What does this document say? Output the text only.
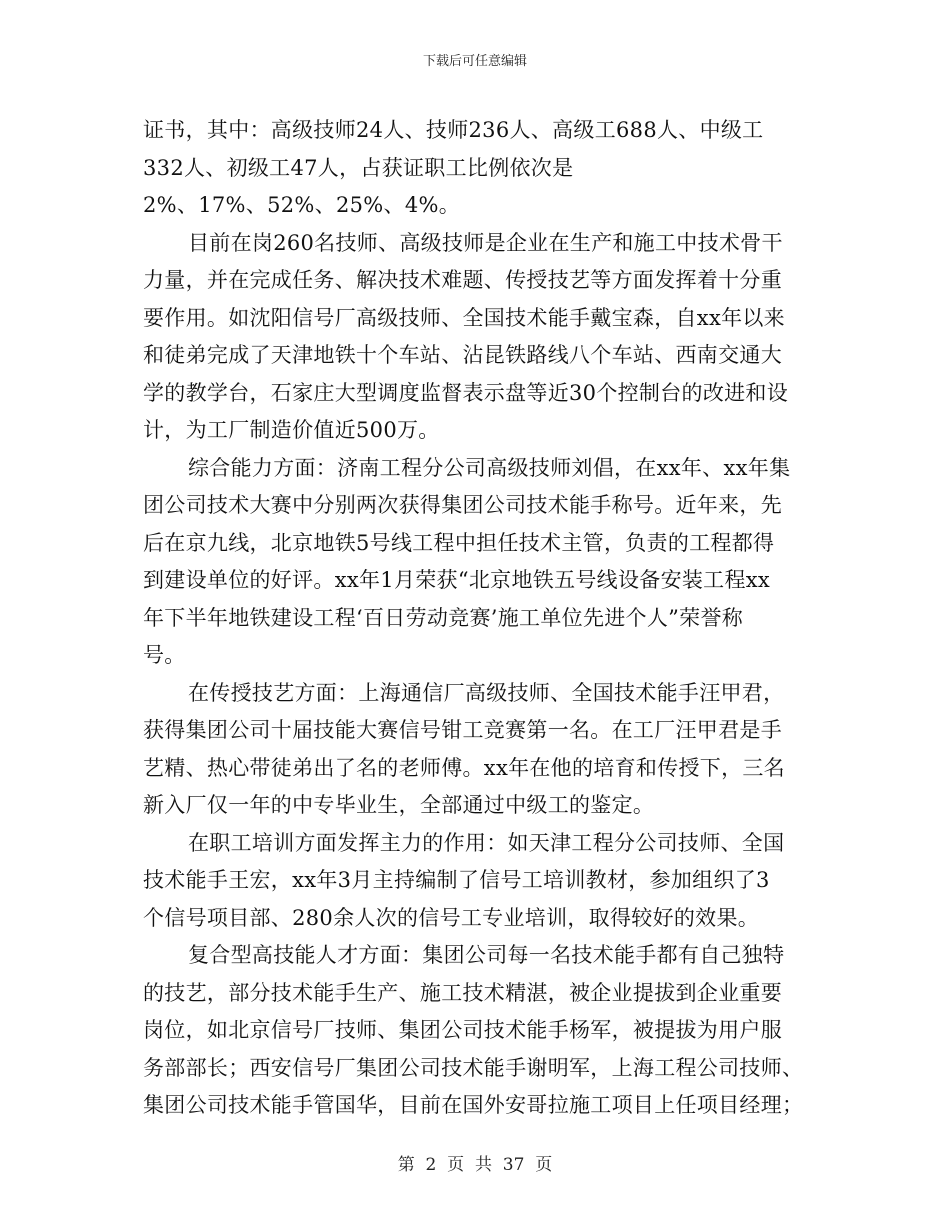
下载后可任意编辑
证书，其中：高级技师24人、技师236人、高级工688人、中级工
332人、初级工47人，占获证职工比例依次是
2%、17%、52%、25%、4%。
目前在岗260名技师、高级技师是企业在生产和施工中技术骨干
力量，并在完成任务、解决技术难题、传授技艺等方面发挥着十分重
要作用。如沈阳信号厂高级技师、全国技术能手戴宝森，自xx年以来
和徒弟完成了天津地铁十个车站、沾昆铁路线八个车站、西南交通大
学的教学台，石家庄大型调度监督表示盘等近30个控制台的改进和设
计，为工厂制造价值近500万。
综合能力方面：济南工程分公司高级技师刘倡，在xx年、xx年集
团公司技术大赛中分别两次获得集团公司技术能手称号。近年来，先
后在京九线，北京地铁5号线工程中担任技术主管，负责的工程都得
到建设单位的好评。xx年1月荣获“北京地铁五号线设备安装工程xx
年下半年地铁建设工程‘百日劳动竞赛’施工单位先进个人”荣誉称
号。
在传授技艺方面：上海通信厂高级技师、全国技术能手汪甲君，
获得集团公司十届技能大赛信号钳工竞赛第一名。在工厂汪甲君是手
艺精、热心带徒弟出了名的老师傅。xx年在他的培育和传授下，三名
新入厂仅一年的中专毕业生，全部通过中级工的鉴定。
在职工培训方面发挥主力的作用：如天津工程分公司技师、全国
技术能手王宏，xx年3月主持编制了信号工培训教材，参加组织了3
个信号项目部、280余人次的信号工专业培训，取得较好的效果。
复合型高技能人才方面：集团公司每一名技术能手都有自己独特
的技艺，部分技术能手生产、施工技术精湛，被企业提拔到企业重要
岗位，如北京信号厂技师、集团公司技术能手杨军，被提拔为用户服
务部部长；西安信号厂集团公司技术能手谢明军，上海工程公司技师、
集团公司技术能手管国华，目前在国外安哥拉施工项目上任项目经理；
第  2  页  共  37  页
